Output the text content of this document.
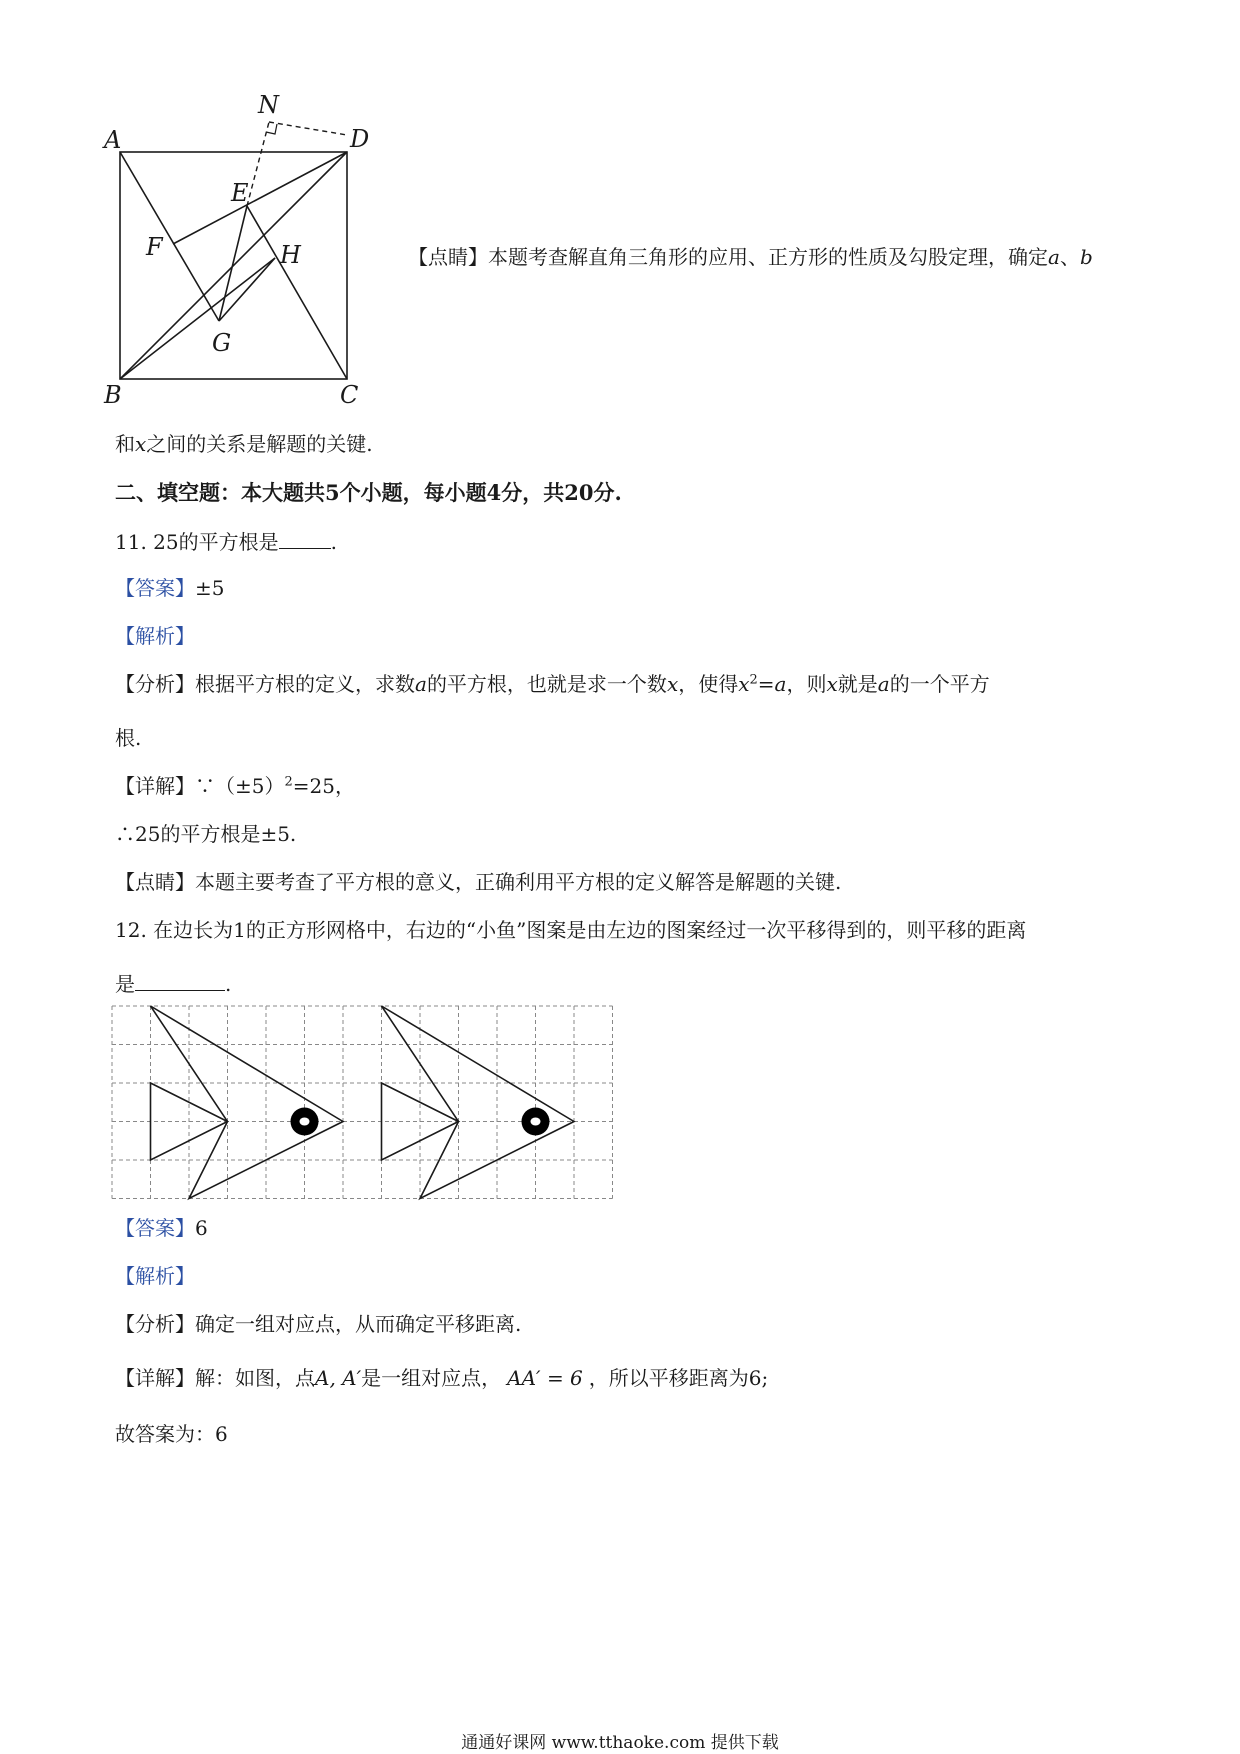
A
N
D
E
F	H
G
B	C
【点睛】本题考查解直角三角形的应用、正方形的性质及勾股定理，确定a、b
和x之间的关系是解题的关键.
二、填空题：本大题共5个小题，每小题4分，共20分.
11. 25的平方根是	.
【答案】±5
【解析】
【分析】根据平方根的定义，求数a的平方根，也就是求一个数x，使得$x^2=a$，则x就是a的一个平方
根.
【详解】$\because(\pm 5)^2=25$，
∴25的平方根是±5.
【点睛】本题主要考查了平方根的意义，正确利用平方根的定义解答是解题的关键.
12. 在边长为1的正方形网格中，右边的“小鱼”图案是由左边的图案经过一次平移得到的，则平移的距离
是	.
【答案】6
【解析】
【分析】确定一组对应点，从而确定平移距离.
【详解】解：如图，点A, A′是一组对应点， AA′ = 6 ，所以平移距离为6;
故答案为：6
通通好课网 www.tthaoke.com 提供下载
